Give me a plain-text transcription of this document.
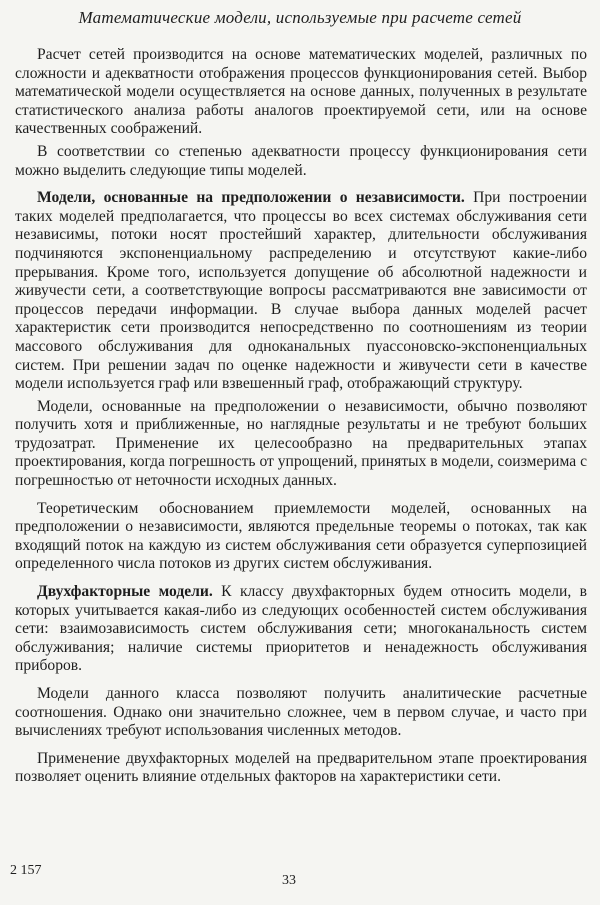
Математические модели, используемые при расчете сетей

Расчет сетей производится на основе математических моделей, различных по сложности и адекватности отображения процессов функционирования сетей. Выбор математической модели осуществляется на основе данных, полученных в результате статистического анализа работы аналогов проектируемой сети, или на основе качественных соображений.

В соответствии со степенью адекватности процессу функционирования сети можно выделить следующие типы моделей.

Модели, основанные на предположении о независимости. При построении таких моделей предполагается, что процессы во всех системах обслуживания сети независимы, потоки носят простейший характер, длительности обслуживания подчиняются экспоненциальному распределению и отсутствуют какие-либо прерывания. Кроме того, используется допущение об абсолютной надежности и живучести сети, а соответствующие вопросы рассматриваются вне зависимости от процессов передачи информации. В случае выбора данных моделей расчет характеристик сети производится непосредственно по соотношениям из теории массового обслуживания для одноканальных пуассоновско-экспоненциальных систем. При решении задач по оценке надежности и живучести сети в качестве модели используется граф или взвешенный граф, отображающий структуру.

Модели, основанные на предположении о независимости, обычно позволяют получить хотя и приближенные, но наглядные результаты и не требуют больших трудозатрат. Применение их целесообразно на предварительных этапах проектирования, когда погрешность от упрощений, принятых в модели, соизмерима с погрешностью от неточности исходных данных.

Теоретическим обоснованием приемлемости моделей, основанных на предположении о независимости, являются предельные теоремы о потоках, так как входящий поток на каждую из систем обслуживания сети образуется суперпозицией определенного числа потоков из других систем обслуживания.

Двухфакторные модели. К классу двухфакторных будем относить модели, в которых учитывается какая-либо из следующих особенностей систем обслуживания сети: взаимозависимость систем обслуживания сети; многоканальность систем обслуживания; наличие системы приоритетов и ненадежность обслуживания приборов.

Модели данного класса позволяют получить аналитические расчетные соотношения. Однако они значительно сложнее, чем в первом случае, и часто при вычислениях требуют использования численных методов.

Применение двухфакторных моделей на предварительном этапе проектирования позволяет оценить влияние отдельных факторов на характеристики сети.

2 157
33
